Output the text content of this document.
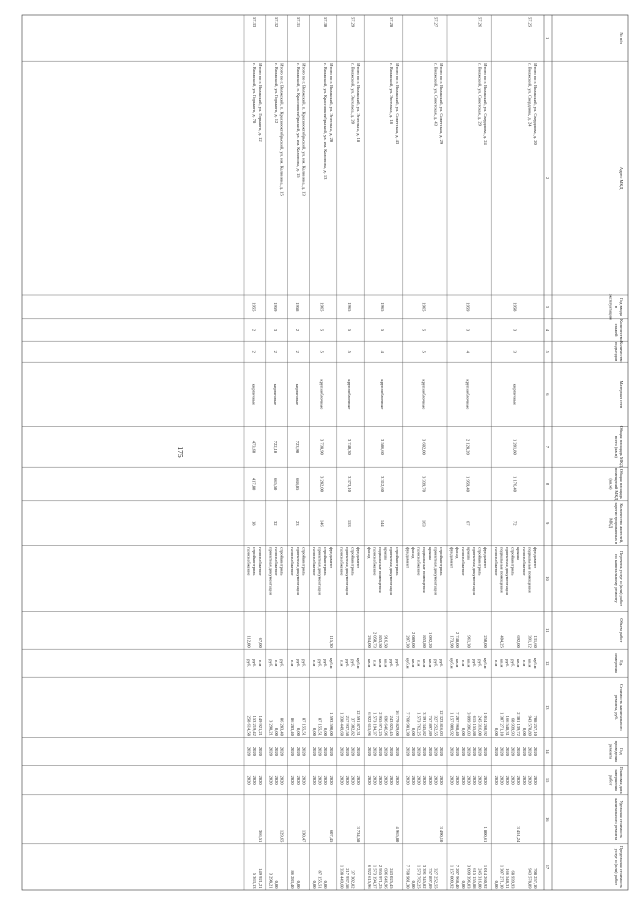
175
№ п/п
1
Адрес МКД
2
Год вводавэксплуатацию
3
Количествоэтажей
4
Количествоподъездов
5
Материал стен
6
Общая площадь МКД,всего (кв.м)
7
Общая площадьпомещений МКД(кв.м)
8
Количество жителей,зарегистрированных вМКД
9
Перечень услуг и (или) работпо капитальному ремонту
10
Объем работ
11
Ед.измерения
12
Стоимость капитальногоремонта, руб.
13
Годпроведенияремонта
14
Плановая датазавершенияработ
15
Удельная стоимостькапитального ремонта
16
Предельная стоимостьуслуг и (или) работ
17
Итого по г. Волжский, ул. Свердлова, д. 20
57.25
г. Волжский, ул. Свердлова, д. 24
1958
3
3
кирпичные
1 201,80
1 176,40
72
фундамент
131,60
куб.м
708 257,10
2020
2020
708 257,10
подвальные помещения
391,12
кв.м
943 578,89
2020
2020
943 578,89
газоснабжение
п.м
0,00
2020
2020
крыша
692,00
кв.м
2 301 139,72
2020
2020
3 451,24
стройконтроль
руб.
68 939,93
2020
2020
68 939,93
проектная документация
руб.
166 548,31
2020
2020
166 548,31
подвальные помещения
404,25
кв.м
1 307 271,10
2020
2020
1 307 271,10
газоснабжение
п.м
0,00
2020
2020
0,00
Итого по г. Волжский, ул. Свердлова, д. 24
57.26
г. Волжский, ул. Советская, д. 29
1959
3
4
крупноблочные
2 128,20
1 959,40
67
фундамент
250,00
куб.м
1 014 260,92
2020
2020
1 800,61
1 014 260,92
стройконтроль
руб.
245 316,00
2020
2020
245 316,00
проектная документация
руб.
615 155,88
2020
2020
615 155,88
крыша
961,30
кв.м
3 099 396,03
2020
2020
3 099 396,03
газоснабжение
п.м
0,00
2020
2020
0,00
фасад
2 748,00
кв.м
7 207 968,40
2020
2020
7 207 968,40
фундамент
173,90
куб.м
1 157 009,92
2020
2020
1 157 009,92
Итого по г. Волжский, ул. Советская, д. 29
57.27
г. Волжский, ул. Советская, д. 43
1965
5
5
крупноблочные
3 602,00
3 339,70
163
стройконтроль
руб.
12 323 816,03
2020
2020
3 490,10
проектная документация
руб.
327 252,55
2020
2020
327 252,55
крыша
1 092,20
кв.м
757 897,89
2020
2020
757 897,89
подвальные помещения
853,80
кв.м
3 391 345,82
2020
2020
3 391 345,82
газоснабжение
п.м
1 573 762,25
2020
2020
1 573 762,25
фасад
2 089,00
кв.м
0,00
2020
2020
0,00
фундамент
207,30
куб.м
7 760 981,30
2020
2020
7 760 981,30
Итого по г. Волжский, ул. Советская, д. 43
57.28
г. Волжский, ул. Энгельса, д. 18
1965
5
4
крупноблочные
3 586,60
3 312,60
144
стройконтроль
руб.
16 779 829,00
2020
2020
4 965,80
проектная документация
руб.
243 025,45
2020
2020
243 025,45
крыша
916,50
кв.м
696 646,96
2020
2020
696 646,96
подвальные помещения
853,50
кв.м
2 955 971,25
2020
2020
2 955 971,25
газоснабжение
2 050,73
п.м
1 573 194,37
2020
2020
1 573 194,37
фасад
264,00
кв.м
6 922 615,96
2020
2020
6 922 615,96
Итого по г. Волжский, ул. Энгельса, д. 18
57.29
г. Волжский, ул. Энгельса, д. 20
1965
5
5
крупноблочные
3 740,30
3 373,10
153
фундамент
куб.м
12 591 872,31
2020
2020
3 734,58
стройконтроль
руб.
37 302,82
2020
2020
37 302,82
проектная документация
руб.
217 937,58
2020
2020
217 937,58
газоснабжение
п.м
1 338 449,60
2020
2020
1 338 449,60
Итого по г. Волжский, ул. Энгельса, д. 20
57.30
г. Волжский, ул. Краснооктябрьский, ул. им. Калинина, д. 13
1965
5
5
крупноблочные
3 738,90
3 282,00
146
фундамент
115,30
куб.м
1 593 590,00
2020
2020
607,45
стройконтроль
руб.
0,00
2020
2020
0,00
проектная документация
руб.
87 155,51
2020
2020
87 155,51
газоснабжение
п.м
0,00
2020
2020
0,00
Итого по г. Волжский, п. Краснооктябрьский, ул. им. Калинина, д. 13
57.31
г. Волжский, п. Краснооктябрьский, ул. им. Калинина, д. 15
1958
2
2
кирпичные
723,90
668,05
23
стройконтроль
руб.
87 155,51
2020
2020
130,47
проектная документация
руб.
0,00
2020
2020
0,00
газоснабжение
п.м
86 283,40
2020
2020
86 283,40
Итого по г. Волжский, п. Краснооктябрьский, ул. им. Калинина, д. 15
57.32
г. Волжский, ул. Горького, д. 12
1959
3
2
кирпичные
722,10
665,50
32
стройконтроль
руб.
86 283,40
2020
2020
129,65
газоснабжение
п.м
0,00
2020
2020
0,00
проектная документация
руб.
3 298,21
2020
2020
3 298,21
Итого по г. Волжский, ул. Горького, д. 12
57.33
г. Волжский, ул. Горького, д. 78
1955
2
2
кирпичные
473,60
417,80
18
газоснабжение
67,00
п.м
149 921,21
2020
2020
366,51
149 921,21
стройконтроль
руб.
153 219,42
2020
2020
5 363,13
газоснабжение
112,00
руб.
258 614,58
2020
2020
